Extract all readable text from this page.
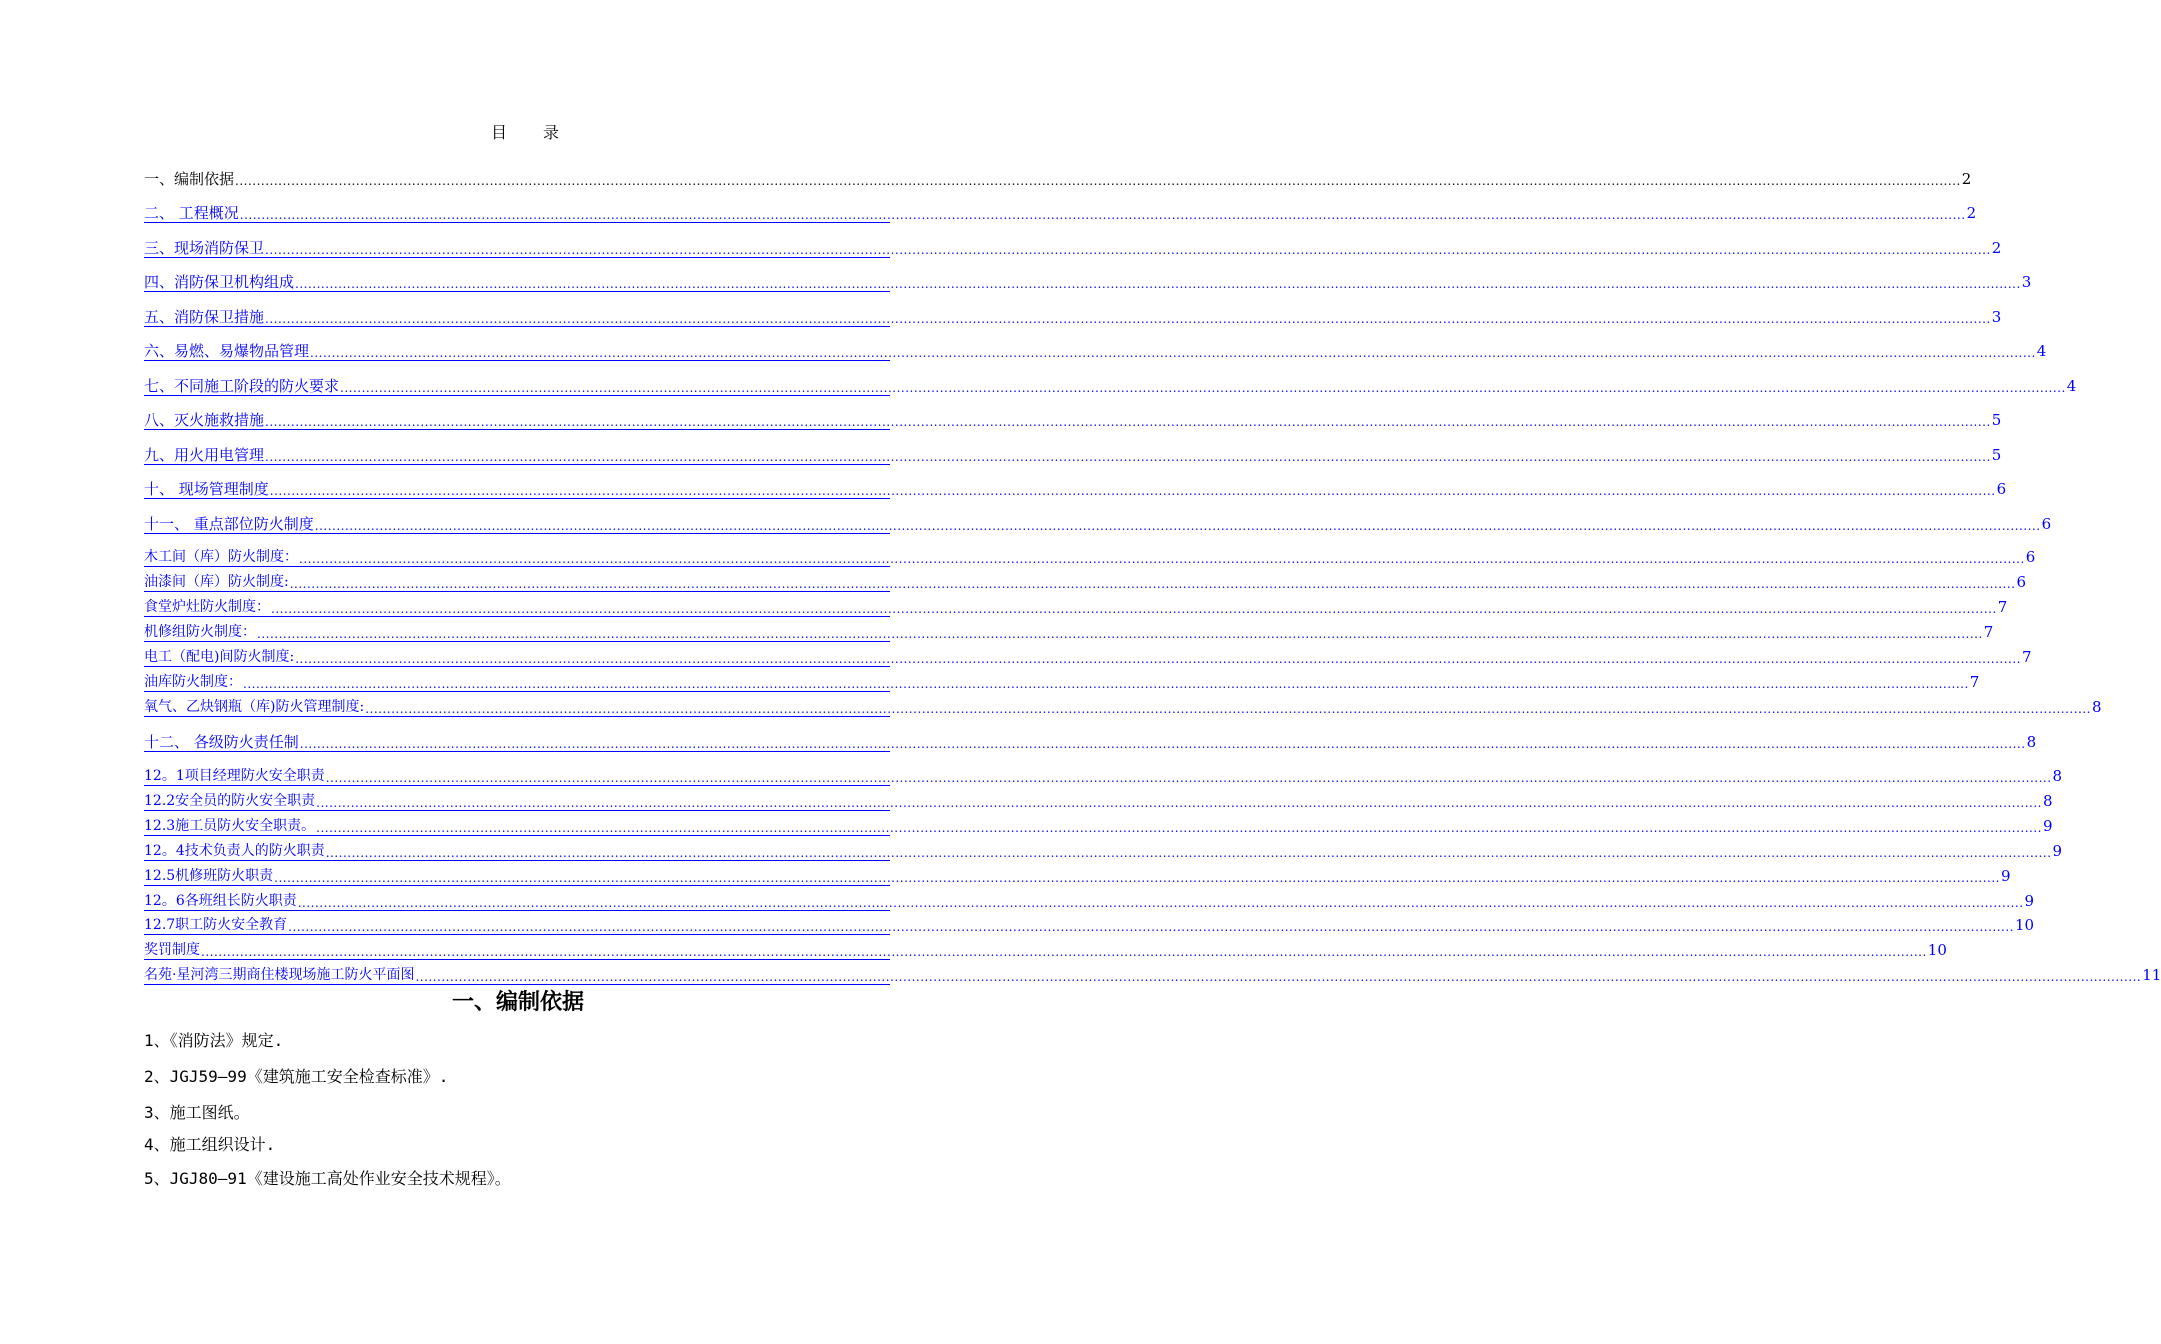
目 录
一、编制依据 ................................................................................................................................................................................................................................................................................................................................................................................................................ 2
二、 工程概况 ................................................................................................................................................................................................................................................................................................................................................................................................................ 2
三、现场消防保卫 ................................................................................................................................................................................................................................................................................................................................................................................................................ 2
四、消防保卫机构组成 ................................................................................................................................................................................................................................................................................................................................................................................................................ 3
五、消防保卫措施 ................................................................................................................................................................................................................................................................................................................................................................................................................ 3
六、易燃、易爆物品管理 ................................................................................................................................................................................................................................................................................................................................................................................................................ 4
七、不同施工阶段的防火要求 ................................................................................................................................................................................................................................................................................................................................................................................................................ 4
八、灭火施救措施 ................................................................................................................................................................................................................................................................................................................................................................................................................ 5
九、用火用电管理 ................................................................................................................................................................................................................................................................................................................................................................................................................ 5
十、 现场管理制度 ................................................................................................................................................................................................................................................................................................................................................................................................................ 6
十一、 重点部位防火制度 ................................................................................................................................................................................................................................................................................................................................................................................................................ 6
木工间（库）防火制度： ................................................................................................................................................................................................................................................................................................................................................................................................................ 6
油漆间（库）防火制度: ................................................................................................................................................................................................................................................................................................................................................................................................................ 6
食堂炉灶防火制度： ................................................................................................................................................................................................................................................................................................................................................................................................................ 7
机修组防火制度： ................................................................................................................................................................................................................................................................................................................................................................................................................ 7
电工（配电)间防火制度: ................................................................................................................................................................................................................................................................................................................................................................................................................ 7
油库防火制度： ................................................................................................................................................................................................................................................................................................................................................................................................................ 7
氧气、乙炔钢瓶（库)防火管理制度: ................................................................................................................................................................................................................................................................................................................................................................................................................ 8
十二、 各级防火责任制 ................................................................................................................................................................................................................................................................................................................................................................................................................ 8
12。1项目经理防火安全职责 ................................................................................................................................................................................................................................................................................................................................................................................................................ 8
12.2安全员的防火安全职责 ................................................................................................................................................................................................................................................................................................................................................................................................................ 8
12.3施工员防火安全职责。 ................................................................................................................................................................................................................................................................................................................................................................................................................ 9
12。4技术负责人的防火职责 ................................................................................................................................................................................................................................................................................................................................................................................................................ 9
12.5机修班防火职责 ................................................................................................................................................................................................................................................................................................................................................................................................................ 9
12。6各班组长防火职责 ................................................................................................................................................................................................................................................................................................................................................................................................................ 9
12.7职工防火安全教育 ................................................................................................................................................................................................................................................................................................................................................................................................................ 10
奖罚制度 ................................................................................................................................................................................................................................................................................................................................................................................................................ 10
名苑·星河湾三期商住楼现场施工防火平面图 ................................................................................................................................................................................................................................................................................................................................................................................................................ 11
一、编制依据
1、《消防法》规定.
2、JGJ59—99《建筑施工安全检查标准》.
3、施工图纸。
4、施工组织设计.
5、JGJ80—91《建设施工高处作业安全技术规程》。
